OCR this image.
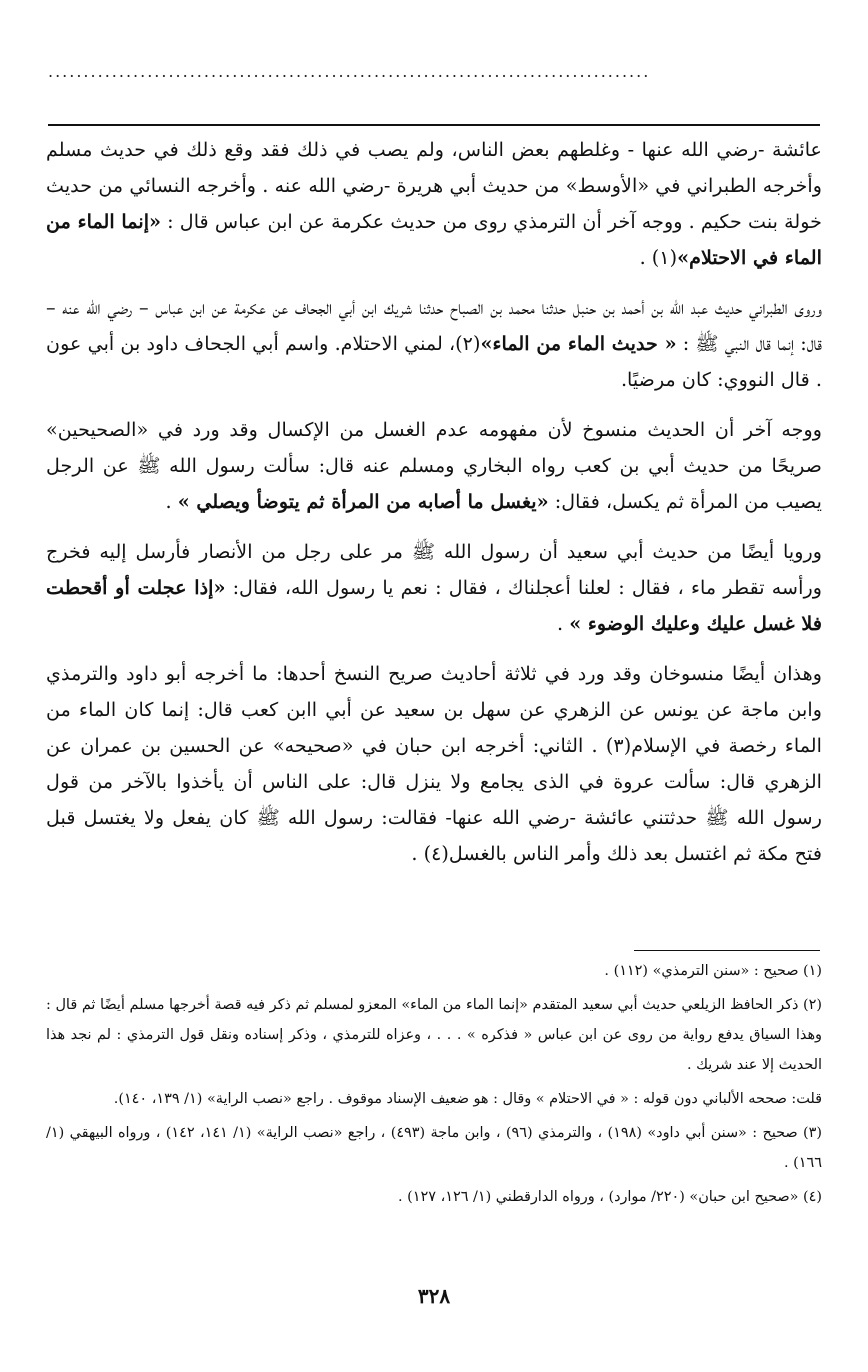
.....................................................................................

عائشة -رضي الله عنها - وغلطهم بعض الناس، ولم يصب في ذلك فقد وقع ذلك في حديث مسلم وأخرجه الطبراني في «الأوسط» من حديث أبي هريرة -رضي الله عنه . وأخرجه النسائي من حديث خولة بنت حكيم . ووجه آخر أن الترمذي روى من حديث عكرمة عن ابن عباس قال : «إنما الماء من الماء في الاحتلام»(١) .

وروى الطبراني حديث عبد الله بن أحمد بن حنبل حدثنا محمد بن الصباح حدثنا شريك ابن أبي الجحاف عن عكرمة عن ابن عباس – رضي الله عنه – قال: إنما قال النبي ﷺ : « حديث الماء من الماء»(٢)، لمني الاحتلام. واسم أبي الجحاف داود بن أبي عون . قال النووي: كان مرضيًا.

ووجه آخر أن الحديث منسوخ لأن مفهومه عدم الغسل من الإكسال وقد ورد في «الصحيحين» صريحًا من حديث أبي بن كعب رواه البخاري ومسلم عنه قال: سألت رسول الله ﷺ عن الرجل يصيب من المرأة ثم يكسل، فقال: «يغسل ما أصابه من المرأة ثم يتوضأ ويصلي » .

ورويا أيضًا من حديث أبي سعيد أن رسول الله ﷺ مر على رجل من الأنصار فأرسل إليه فخرج ورأسه تقطر ماء ، فقال : لعلنا أعجلناك ، فقال : نعم يا رسول الله، فقال: «إذا عجلت أو أقحطت فلا غسل عليك وعليك الوضوء » .

وهذان أيضًا منسوخان وقد ورد في ثلاثة أحاديث صريح النسخ أحدها: ما أخرجه أبو داود والترمذي وابن ماجة عن يونس عن الزهري عن سهل بن سعيد عن أبي اابن كعب قال: إنما كان الماء من الماء رخصة في الإسلام(٣) . الثاني: أخرجه ابن حبان في «صحيحه» عن الحسين بن عمران عن الزهري قال: سألت عروة في الذى يجامع ولا ينزل قال: على الناس أن يأخذوا بالآخر من قول رسول الله ﷺ حدثتني عائشة -رضي الله عنها- فقالت: رسول الله ﷺ كان يفعل ولا يغتسل قبل فتح مكة ثم اغتسل بعد ذلك وأمر الناس بالغسل(٤) .

(١) صحيح : «سنن الترمذي» (١١٢) .

(٢) ذكر الحافظ الزيلعي حديث أبي سعيد المتقدم «إنما الماء من الماء» المعزو لمسلم ثم ذكر فيه قصة أخرجها مسلم أيضًا ثم قال : وهذا السياق يدفع رواية من روى عن ابن عباس « فذكره » . . . ، وعزاه للترمذي ، وذكر إسناده ونقل قول الترمذي : لم نجد هذا الحديث إلا عند شريك .

قلت: صححه الألباني دون قوله : « في الاحتلام » وقال : هو ضعيف الإسناد موقوف . راجع «نصب الراية» (١/ ١٣٩، ١٤٠).

(٣) صحيح : «سنن أبي داود» (١٩٨) ، والترمذي (٩٦) ، وابن ماجة (٤٩٣) ، راجع «نصب الراية» (١/ ١٤١، ١٤٢) ، ورواه البيهقي (١/ ١٦٦) .

(٤) «صحيح ابن حبان» (٢٢٠/ موارد) ، ورواه الدارقطني (١/ ١٢٦، ١٢٧) .

٣٢٨
